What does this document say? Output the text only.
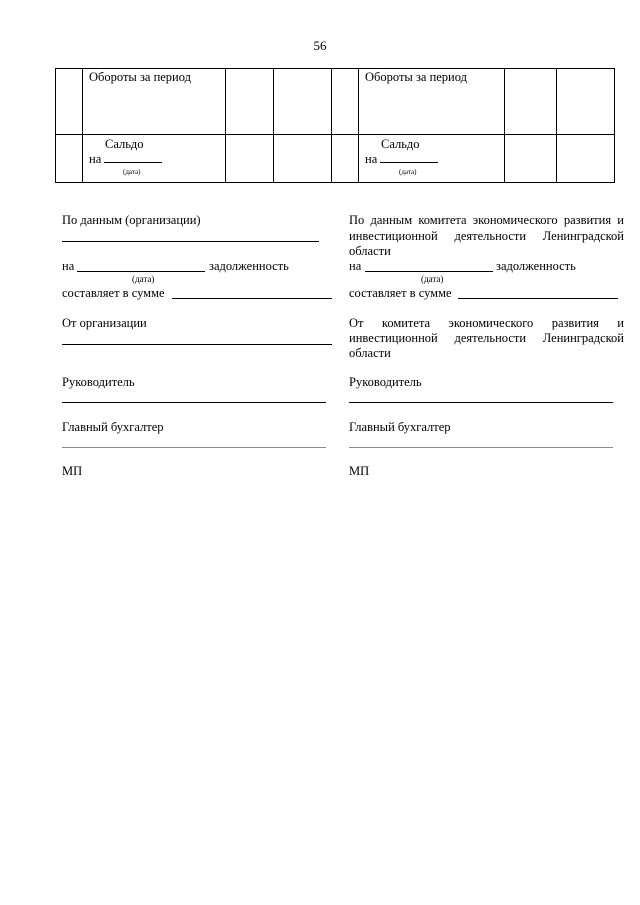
56
	Обороты за период				Обороты за период		

	Сальдо
на
(дата)				Сальдо
на
(дата)		

По данным (организации)
на	задолженность
(дата)
составляет в сумме
От организации
Руководитель
Главный бухгалтер
МП
По данным комитета экономического развития и
инвестиционной деятельности Ленинградской
области
на	задолженность
(дата)
составляет в сумме
От комитета экономического развития и
инвестиционной деятельности Ленинградской
области
Руководитель
Главный бухгалтер
МП
